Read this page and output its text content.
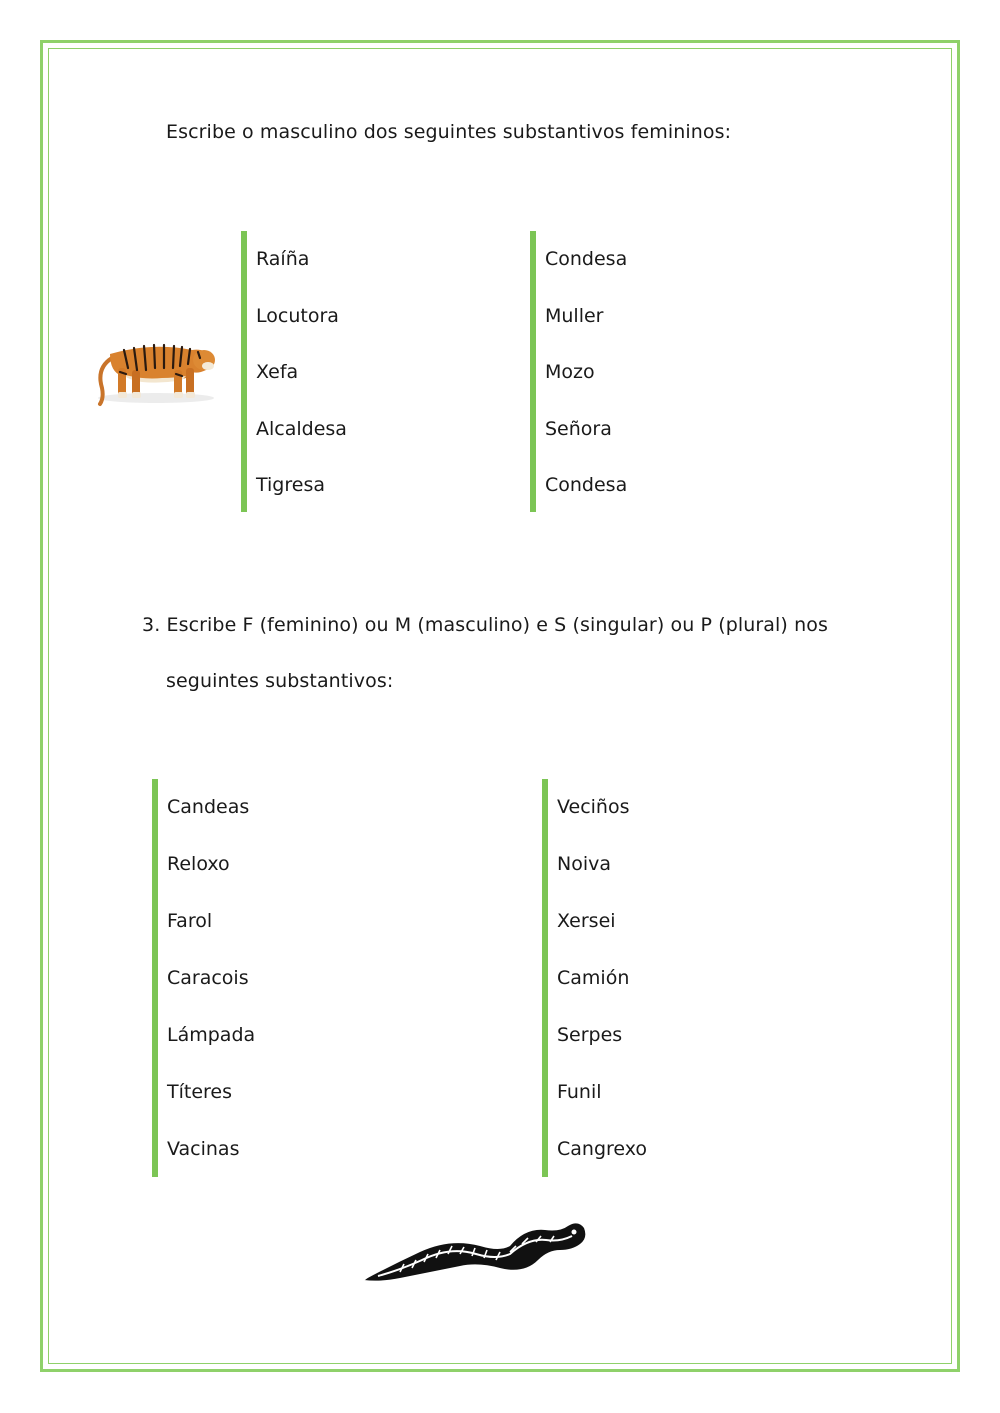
Escribe o masculino dos seguintes substantivos femininos:
Raíña
Locutora
Xefa
Alcaldesa
Tigresa
Condesa
Muller
Mozo
Señora
Condesa
3. Escribe F (feminino) ou M (masculino) e S (singular) ou P (plural) nos
seguintes substantivos:
Candeas
Reloxo
Farol
Caracois
Lámpada
Títeres
Vacinas
Veciños
Noiva
Xersei
Camión
Serpes
Funil
Cangrexo
